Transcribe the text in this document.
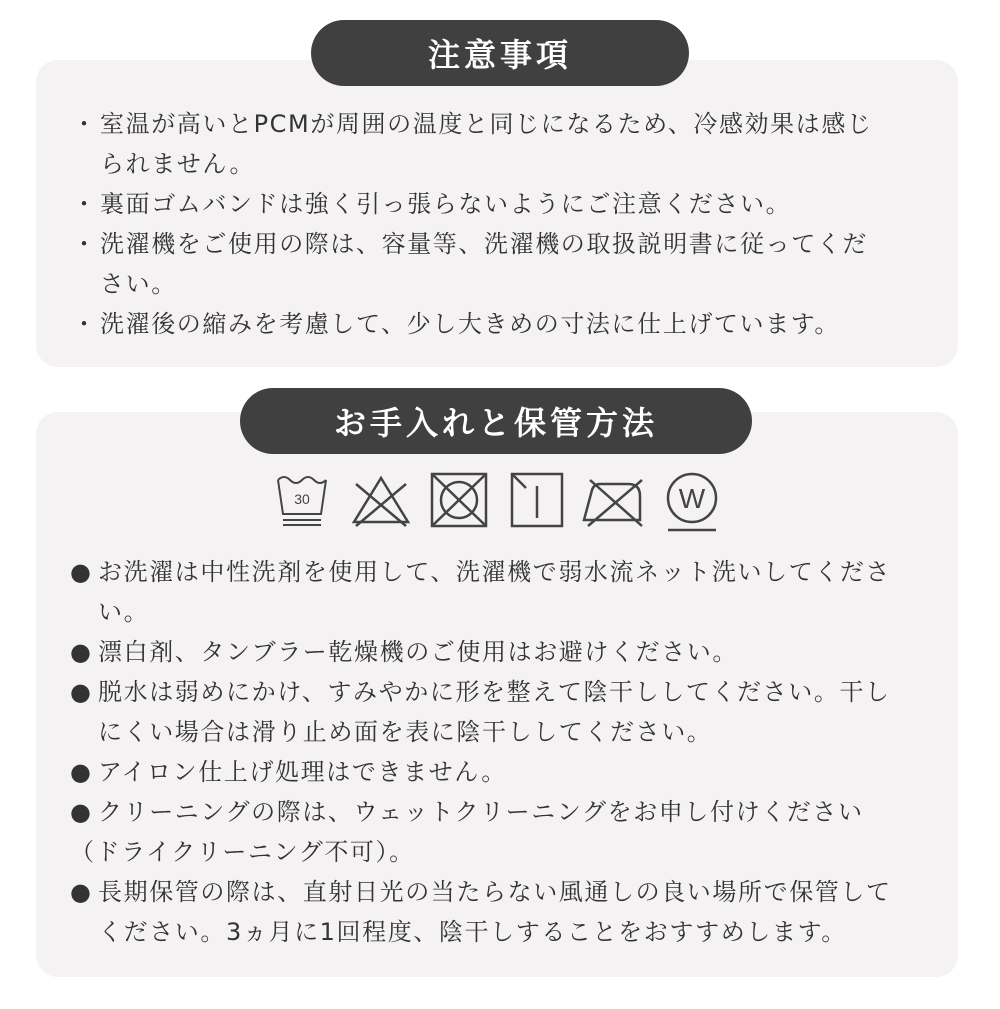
注意事項
お手入れと保管方法
・ 室温が高いとPCMが周囲の温度と同じになるため、冷感効果は感じ
られません。
・ 裏面ゴムバンドは強く引っ張らないようにご注意ください。
・ 洗濯機をご使用の際は、容量等、洗濯機の取扱説明書に従ってくだ
さい。
・ 洗濯後の縮みを考慮して、少し大きめの寸法に仕上げています。
30	W
● お洗濯は中性洗剤を使用して、洗濯機で弱水流ネット洗いしてくださ
い。
● 漂白剤、タンブラー乾燥機のご使用はお避けください。
● 脱水は弱めにかけ、すみやかに形を整えて陰干ししてください。干し
にくい場合は滑り止め面を表に陰干ししてください。
● アイロン仕上げ処理はできません。
● クリーニングの際は、ウェットクリーニングをお申し付けください

（ドライクリーニング不可）。
● 長期保管の際は、直射日光の当たらない風通しの良い場所で保管して
ください。3ヵ月に1回程度、陰干しすることをおすすめします。
